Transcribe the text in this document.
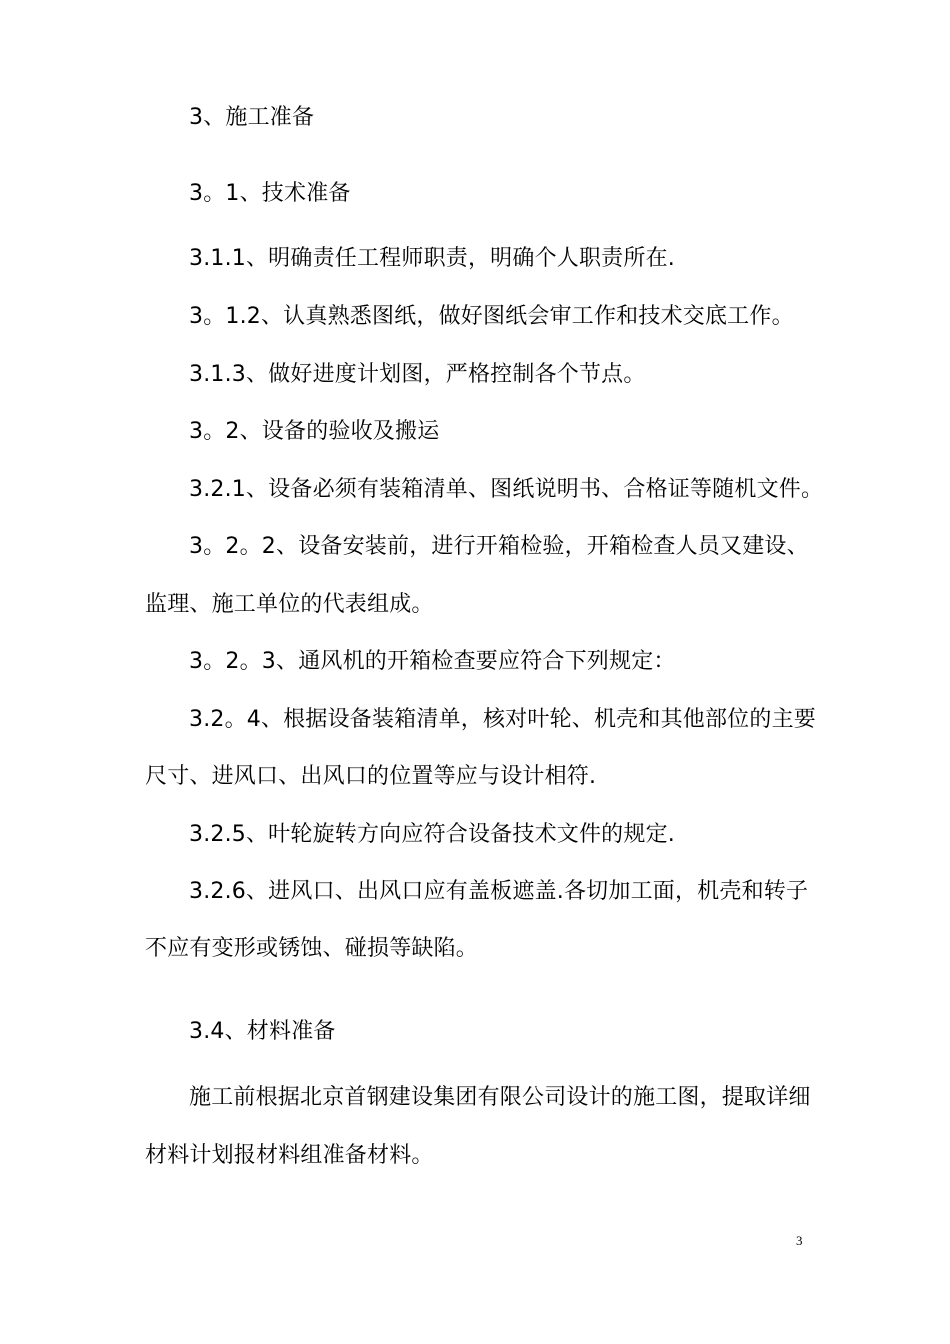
3、施工准备
3。1、技术准备
3.1.1、明确责任工程师职责，明确个人职责所在.
3。1.2、认真熟悉图纸，做好图纸会审工作和技术交底工作。
3.1.3、做好进度计划图，严格控制各个节点。
3。2、设备的验收及搬运
3.2.1、设备必须有装箱清单、图纸说明书、合格证等随机文件。
3。2。2、设备安装前，进行开箱检验，开箱检查人员又建设、
监理、施工单位的代表组成。
3。2。3、通风机的开箱检查要应符合下列规定：
3.2。4、根据设备装箱清单，核对叶轮、机壳和其他部位的主要
尺寸、进风口、出风口的位置等应与设计相符.
3.2.5、叶轮旋转方向应符合设备技术文件的规定.
3.2.6、进风口、出风口应有盖板遮盖.各切加工面，机壳和转子
不应有变形或锈蚀、碰损等缺陷。
3.4、材料准备
施工前根据北京首钢建设集团有限公司设计的施工图，提取详细
材料计划报材料组准备材料。
3
